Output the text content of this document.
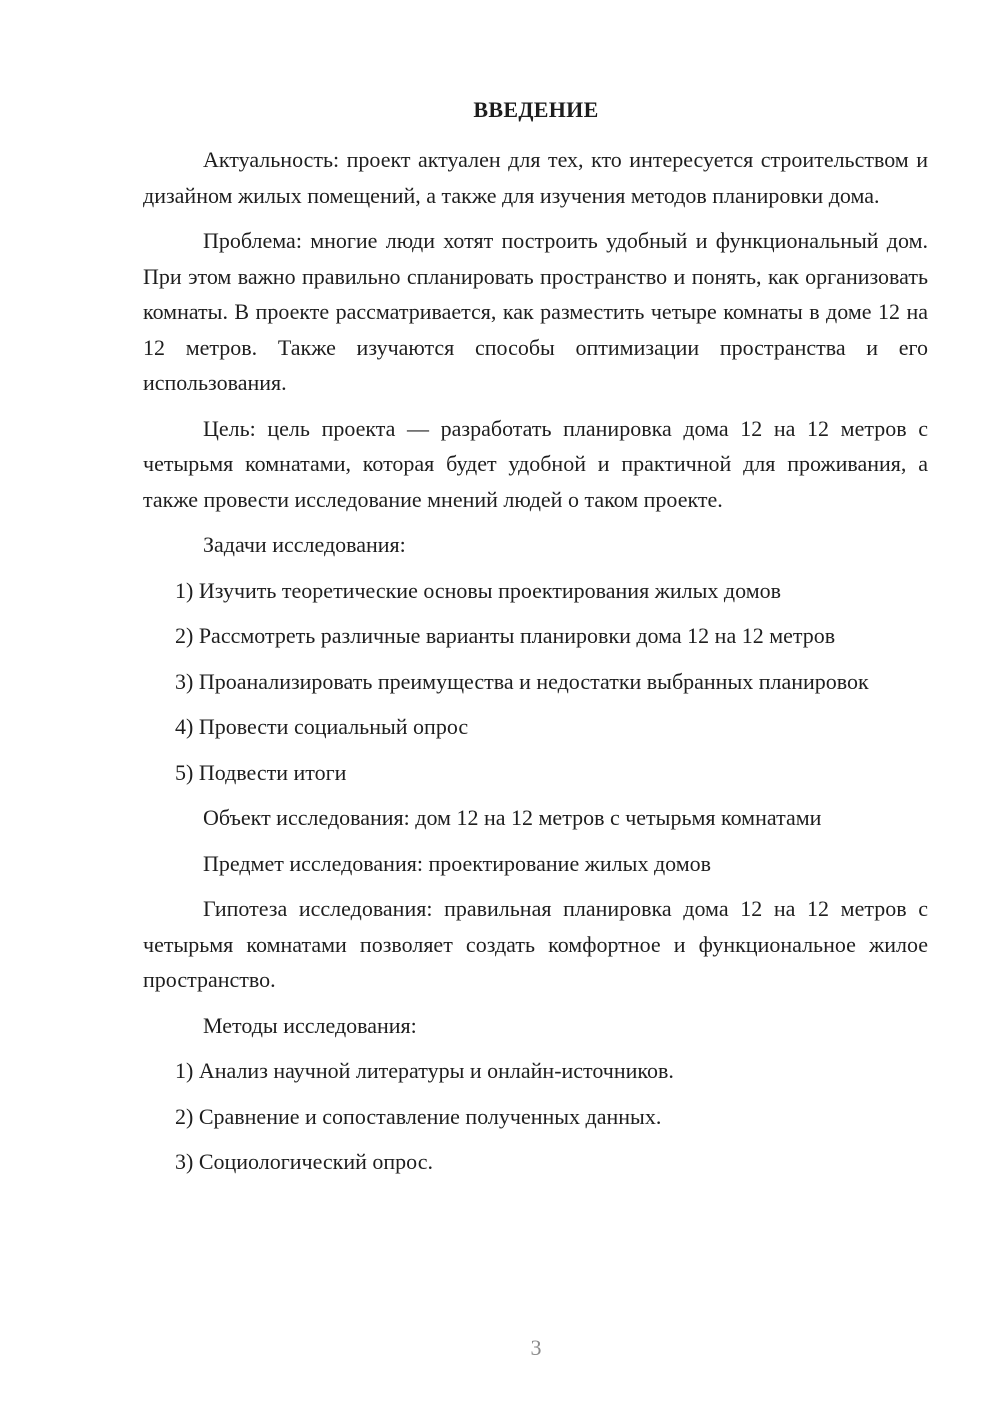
ВВЕДЕНИЕ

Актуальность: проект актуален для тех, кто интересуется строительством и дизайном жилых помещений, а также для изучения методов планировки дома.

Проблема: многие люди хотят построить удобный и функциональный дом. При этом важно правильно спланировать пространство и понять, как организовать комнаты. В проекте рассматривается, как разместить четыре комнаты в доме 12 на 12 метров. Также изучаются способы оптимизации пространства и его использования.

Цель: цель проекта — разработать планировка дома 12 на 12 метров с четырьмя комнатами, которая будет удобной и практичной для проживания, а также провести исследование мнений людей о таком проекте.

Задачи исследования:

1) Изучить теоретические основы проектирования жилых домов

2) Рассмотреть различные варианты планировки дома 12 на 12 метров

3) Проанализировать преимущества и недостатки выбранных планировок

4) Провести социальный опрос

5) Подвести итоги

Объект исследования: дом 12 на 12 метров с четырьмя комнатами

Предмет исследования: проектирование жилых домов

Гипотеза исследования: правильная планировка дома 12 на 12 метров с четырьмя комнатами позволяет создать комфортное и функциональное жилое пространство.

Методы исследования:

1) Анализ научной литературы и онлайн-источников.

2) Сравнение и сопоставление полученных данных.

3) Социологический опрос.

3
